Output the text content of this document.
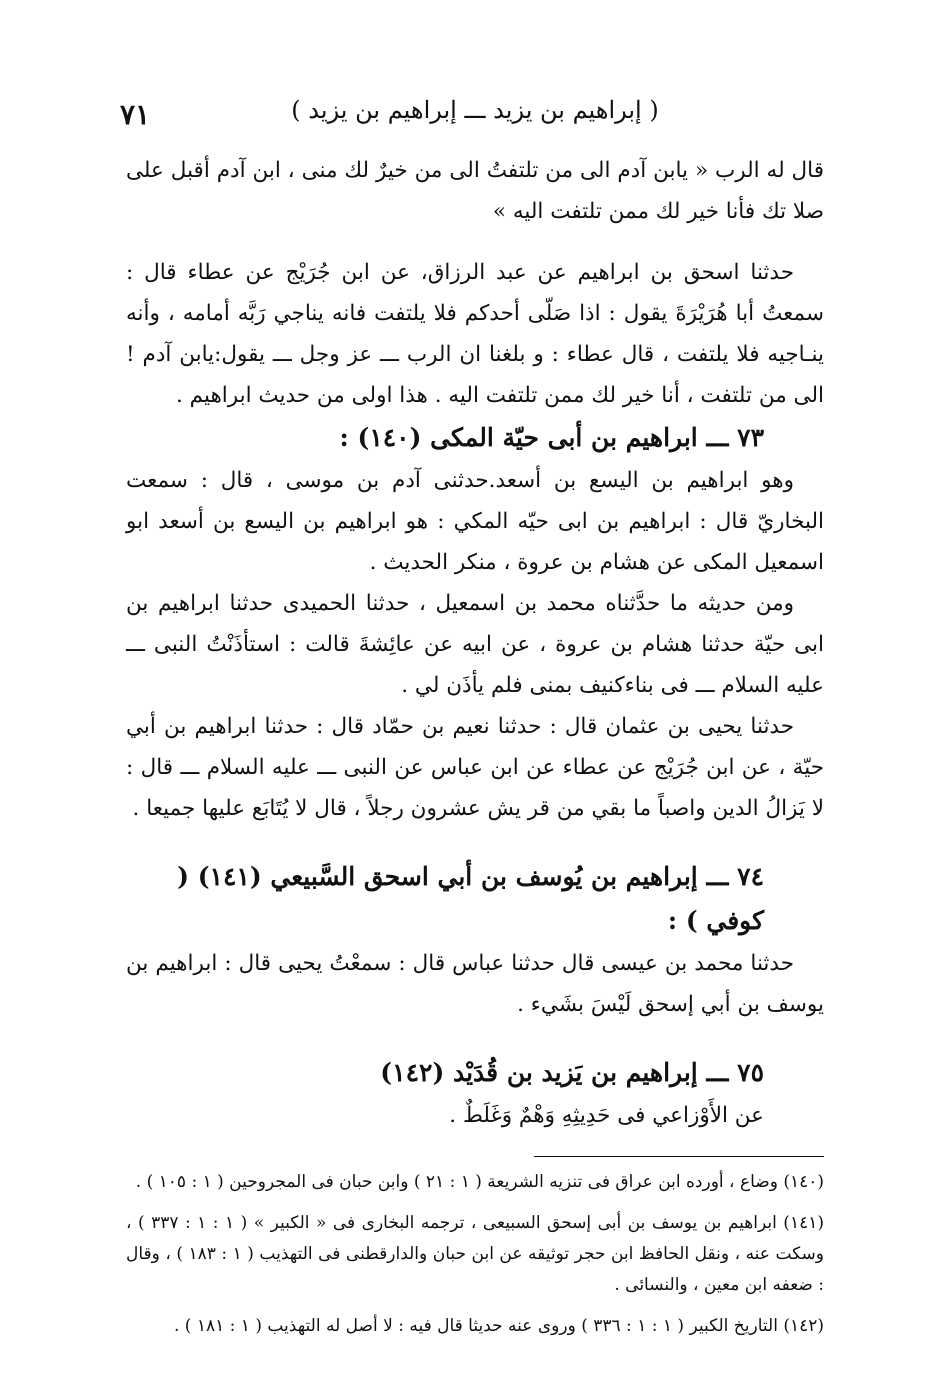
( إبراهيم بن يزيد ـــ إبراهيم بن يزيد )
٧١

قال له الرب « يابن آدم الى من تلتفتُ الى من خيرٌ لك منى ، ابن آدم أقبل على صلا تك فأنا خير لك ممن تلتفت اليه »

حدثنا اسحق بن ابراهيم عن عبد الرزاق، عن ابن جُرَيْج عن عطاء قال : سمعتُ أبا هُرَيْرَةَ يقول : اذا صَلّى أحدكم فلا يلتفت فانه يناجي رَبَّه أمامه ، وأنه ينـاجيه فلا يلتفت ، قال عطاء : و بلغنا ان الرب ـــ عز وجل ـــ يقول:يابن آدم ! الى من تلتفت ، أنا خير لك ممن تلتفت اليه . هذا اولى من حديث ابراهيم .

٧٣ ـــ ابراهيم بن أبى حيّة المكى (١٤٠) :

وهو ابراهيم بن اليسع بن أسعد.حدثنى آدم بن موسى ، قال : سمعت البخاريّ قال : ابراهيم بن ابى حيّه المكي : هو ابراهيم بن اليسع بن أسعد ابو اسمعيل المكى عن هشام بن عروة ، منكر الحديث .

ومن حديثه ما حدَّثناه محمد بن اسمعيل ، حدثنا الحميدى حدثنا ابراهيم بن ابى حيّة حدثنا هشام بن عروة ، عن ابيه عن عائِشةَ قالت : استأذَنْتُ النبى ـــ عليه السلام ـــ فى بناءكنيف بمنى فلم يأذَن لي .

حدثنا يحيى بن عثمان قال : حدثنا نعيم بن حمّاد قال : حدثنا ابراهيم بن أبي حيّة ، عن ابن جُرَيْج عن عطاء عن ابن عباس عن النبى ـــ عليه السلام ـــ قال : لا يَزالُ الدين واصباً ما بقي من قر يش عشرون رجلاً ، قال لا يُتَابَع عليها جميعا .

٧٤ ـــ إبراهيم بن يُوسف بن أبي اسحق السَّبيعي (١٤١) ( كوفي ) :

حدثنا محمد بن عيسى قال حدثنا عباس قال : سمعْتُ يحيى قال : ابراهيم بن يوسف بن أبي إسحق لَيْسَ بشَيء .

٧٥ ـــ إبراهيم بن يَزيد بن قُدَيْد (١٤٢)

عن الأَوْزاعي فى حَدِيثِهِ وَهْمٌ وَغَلَطٌ .

(١٤٠) وضاع ، أورده ابن عراق فى تنزيه الشريعة ( ١ : ٢١ ) وابن حبان فى المجروحين ( ١ : ١٠٥ ) .

(١٤١) ابراهيم بن يوسف بن أبى إسحق السبيعى ، ترجمه البخارى فى « الكبير » ( ١ : ١ : ٣٣٧ ) ، وسكت عنه ، ونقل الحافظ ابن حجر توثيقه عن ابن حبان والدارقطنى فى التهذيب ( ١ : ١٨٣ ) ، وقال : ضعفه ابن معين ، والنسائى .

(١٤٢) التاريخ الكبير ( ١ : ١ : ٣٣٦ ) وروى عنه حديثا قال فيه : لا أصل له التهذيب ( ١ : ١٨١ ) .
